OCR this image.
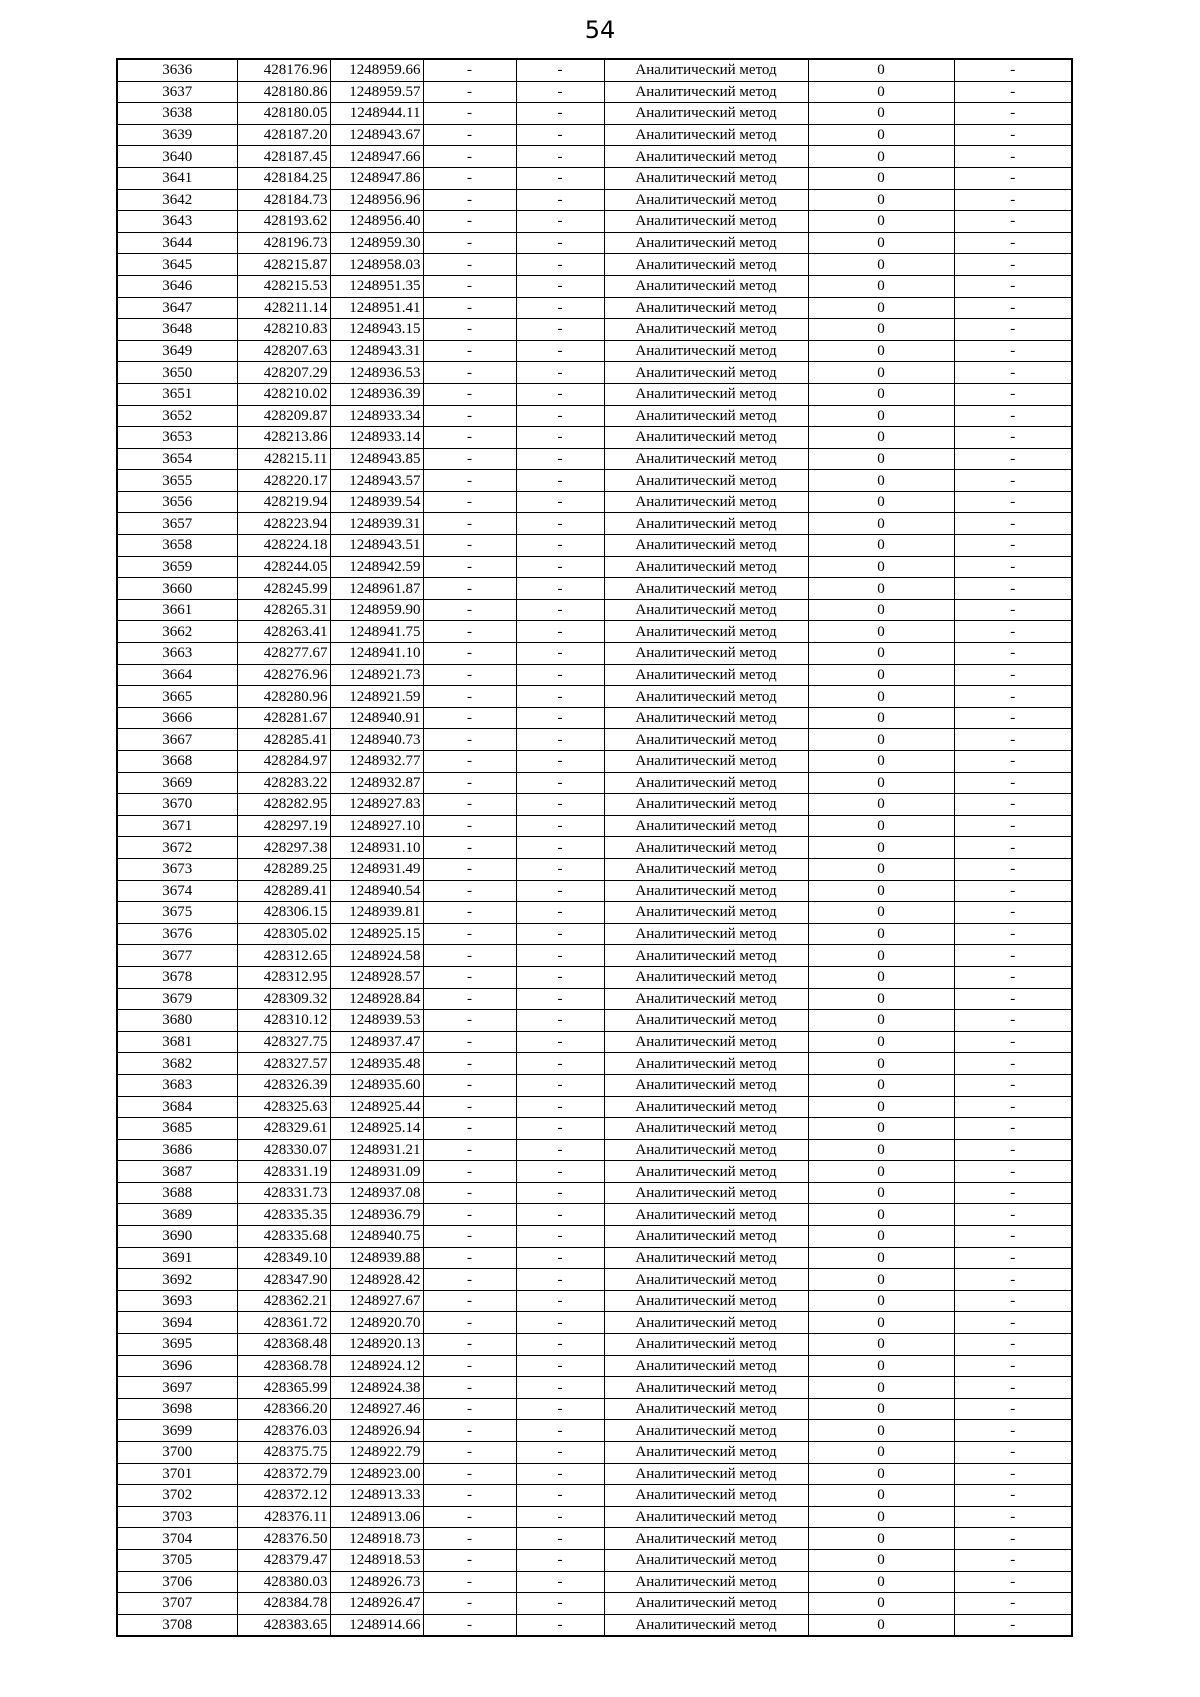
54
3636	428176.96	1248959.66	-	-	Аналитический метод	0	-
3637	428180.86	1248959.57	-	-	Аналитический метод	0	-
3638	428180.05	1248944.11	-	-	Аналитический метод	0	-
3639	428187.20	1248943.67	-	-	Аналитический метод	0	-
3640	428187.45	1248947.66	-	-	Аналитический метод	0	-
3641	428184.25	1248947.86	-	-	Аналитический метод	0	-
3642	428184.73	1248956.96	-	-	Аналитический метод	0	-
3643	428193.62	1248956.40	-	-	Аналитический метод	0	-
3644	428196.73	1248959.30	-	-	Аналитический метод	0	-
3645	428215.87	1248958.03	-	-	Аналитический метод	0	-
3646	428215.53	1248951.35	-	-	Аналитический метод	0	-
3647	428211.14	1248951.41	-	-	Аналитический метод	0	-
3648	428210.83	1248943.15	-	-	Аналитический метод	0	-
3649	428207.63	1248943.31	-	-	Аналитический метод	0	-
3650	428207.29	1248936.53	-	-	Аналитический метод	0	-
3651	428210.02	1248936.39	-	-	Аналитический метод	0	-
3652	428209.87	1248933.34	-	-	Аналитический метод	0	-
3653	428213.86	1248933.14	-	-	Аналитический метод	0	-
3654	428215.11	1248943.85	-	-	Аналитический метод	0	-
3655	428220.17	1248943.57	-	-	Аналитический метод	0	-
3656	428219.94	1248939.54	-	-	Аналитический метод	0	-
3657	428223.94	1248939.31	-	-	Аналитический метод	0	-
3658	428224.18	1248943.51	-	-	Аналитический метод	0	-
3659	428244.05	1248942.59	-	-	Аналитический метод	0	-
3660	428245.99	1248961.87	-	-	Аналитический метод	0	-
3661	428265.31	1248959.90	-	-	Аналитический метод	0	-
3662	428263.41	1248941.75	-	-	Аналитический метод	0	-
3663	428277.67	1248941.10	-	-	Аналитический метод	0	-
3664	428276.96	1248921.73	-	-	Аналитический метод	0	-
3665	428280.96	1248921.59	-	-	Аналитический метод	0	-
3666	428281.67	1248940.91	-	-	Аналитический метод	0	-
3667	428285.41	1248940.73	-	-	Аналитический метод	0	-
3668	428284.97	1248932.77	-	-	Аналитический метод	0	-
3669	428283.22	1248932.87	-	-	Аналитический метод	0	-
3670	428282.95	1248927.83	-	-	Аналитический метод	0	-
3671	428297.19	1248927.10	-	-	Аналитический метод	0	-
3672	428297.38	1248931.10	-	-	Аналитический метод	0	-
3673	428289.25	1248931.49	-	-	Аналитический метод	0	-
3674	428289.41	1248940.54	-	-	Аналитический метод	0	-
3675	428306.15	1248939.81	-	-	Аналитический метод	0	-
3676	428305.02	1248925.15	-	-	Аналитический метод	0	-
3677	428312.65	1248924.58	-	-	Аналитический метод	0	-
3678	428312.95	1248928.57	-	-	Аналитический метод	0	-
3679	428309.32	1248928.84	-	-	Аналитический метод	0	-
3680	428310.12	1248939.53	-	-	Аналитический метод	0	-
3681	428327.75	1248937.47	-	-	Аналитический метод	0	-
3682	428327.57	1248935.48	-	-	Аналитический метод	0	-
3683	428326.39	1248935.60	-	-	Аналитический метод	0	-
3684	428325.63	1248925.44	-	-	Аналитический метод	0	-
3685	428329.61	1248925.14	-	-	Аналитический метод	0	-
3686	428330.07	1248931.21	-	-	Аналитический метод	0	-
3687	428331.19	1248931.09	-	-	Аналитический метод	0	-
3688	428331.73	1248937.08	-	-	Аналитический метод	0	-
3689	428335.35	1248936.79	-	-	Аналитический метод	0	-
3690	428335.68	1248940.75	-	-	Аналитический метод	0	-
3691	428349.10	1248939.88	-	-	Аналитический метод	0	-
3692	428347.90	1248928.42	-	-	Аналитический метод	0	-
3693	428362.21	1248927.67	-	-	Аналитический метод	0	-
3694	428361.72	1248920.70	-	-	Аналитический метод	0	-
3695	428368.48	1248920.13	-	-	Аналитический метод	0	-
3696	428368.78	1248924.12	-	-	Аналитический метод	0	-
3697	428365.99	1248924.38	-	-	Аналитический метод	0	-
3698	428366.20	1248927.46	-	-	Аналитический метод	0	-
3699	428376.03	1248926.94	-	-	Аналитический метод	0	-
3700	428375.75	1248922.79	-	-	Аналитический метод	0	-
3701	428372.79	1248923.00	-	-	Аналитический метод	0	-
3702	428372.12	1248913.33	-	-	Аналитический метод	0	-
3703	428376.11	1248913.06	-	-	Аналитический метод	0	-
3704	428376.50	1248918.73	-	-	Аналитический метод	0	-
3705	428379.47	1248918.53	-	-	Аналитический метод	0	-
3706	428380.03	1248926.73	-	-	Аналитический метод	0	-
3707	428384.78	1248926.47	-	-	Аналитический метод	0	-
3708	428383.65	1248914.66	-	-	Аналитический метод	0	-
